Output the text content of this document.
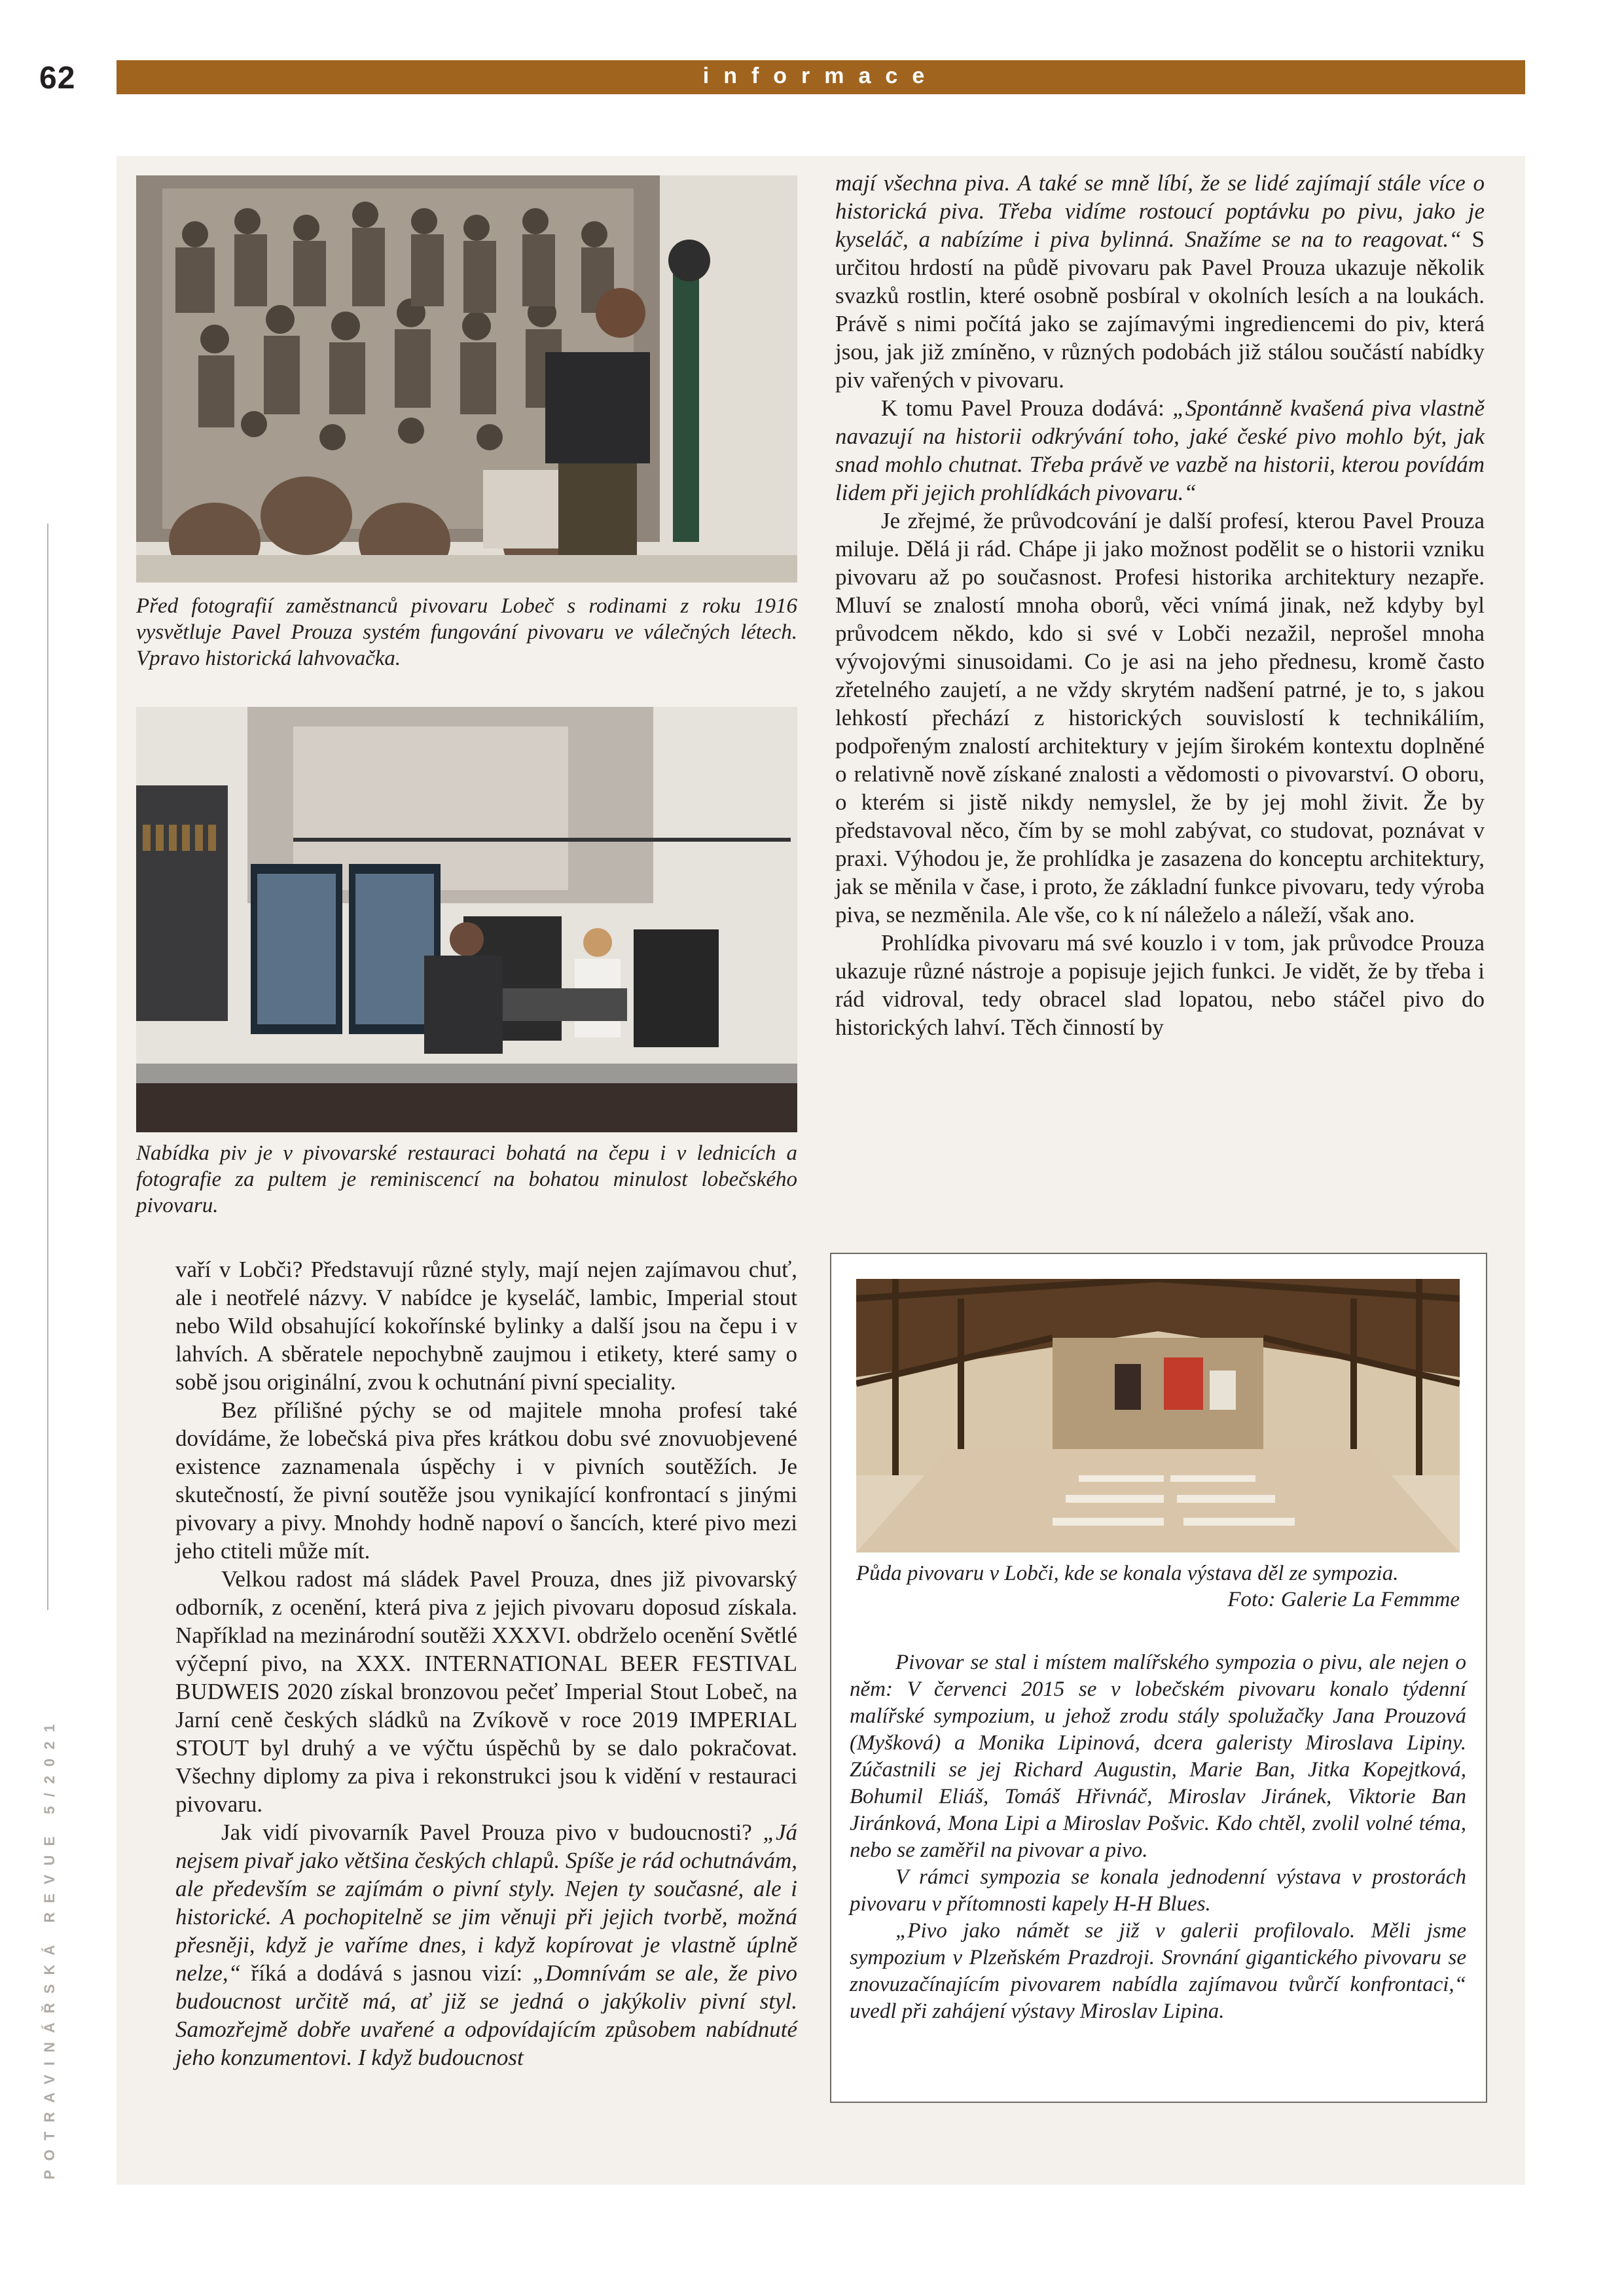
62	informace
POTRAVINÁŘSKÁ REVUE 5/2021
Před fotografií zaměstnanců pivovaru Lobeč s rodinami z roku 1916 vysvětluje Pavel Prouza systém fungování pivovaru ve válečných létech. Vpravo historická lahvovačka.
Nabídka piv je v pivovarské restauraci bohatá na čepu i v lednicích a fotografie za pultem je reminiscencí na bohatou minulost lobečského pivovaru.

vaří v Lobči? Představují různé styly, mají nejen zajímavou chuť, ale i neotřelé názvy. V nabídce je kyseláč, lambic, Imperial stout nebo Wild obsahující kokořínské bylinky a další jsou na čepu i v lahvích. A sběratele nepochybně zaujmou i etikety, které samy o sobě jsou originální, zvou k ochutnání pivní speciality.

Bez přílišné pýchy se od majitele mnoha profesí také dovídáme, že lobečská piva přes krátkou dobu své znovuobjevené existence zaznamenala úspěchy i v pivních soutěžích. Je skutečností, že pivní soutěže jsou vynikající konfrontací s jinými pivovary a pivy. Mnohdy hodně napoví o šancích, které pivo mezi jeho ctiteli může mít.

Velkou radost má sládek Pavel Prouza, dnes již pivovarský odborník, z ocenění, která piva z jejich pivovaru doposud získala. Například na mezinárodní soutěži XXXVI. obdrželo ocenění Světlé výčepní pivo, na XXX. INTERNATIONAL BEER FESTIVAL BUDWEIS 2020 získal bronzovou pečeť Imperial Stout Lobeč, na Jarní ceně českých sládků na Zvíkově v roce 2019 IMPERIAL STOUT byl druhý a ve výčtu úspěchů by se dalo pokračovat. Všechny diplomy za piva i rekonstrukci jsou k vidění v restauraci pivovaru.

Jak vidí pivovarník Pavel Prouza pivo v budoucnosti? „Já nejsem pivař jako většina českých chlapů. Spíše je rád ochutnávám, ale především se zajímám o pivní styly. Nejen ty současné, ale i historické. A pochopitelně se jim věnuji při jejich tvorbě, možná přesněji, když je vaříme dnes, i když kopírovat je vlastně úplně nelze,“ říká a dodává s jasnou vizí: „Domnívám se ale, že pivo budoucnost určitě má, ať již se jedná o jakýkoliv pivní styl. Samozřejmě dobře uvařené a odpovídajícím způsobem nabídnuté jeho konzumentovi. I když budoucnost

mají všechna piva. A také se mně líbí, že se lidé zajímají stále více o historická piva. Třeba vidíme rostoucí poptávku po pivu, jako je kyseláč, a nabízíme i piva bylinná. Snažíme se na to reagovat.“ S určitou hrdostí na půdě pivovaru pak Pavel Prouza ukazuje několik svazků rostlin, které osobně posbíral v okolních lesích a na loukách. Právě s nimi počítá jako se zajímavými ingrediencemi do piv, která jsou, jak již zmíněno, v různých podobách již stálou součástí nabídky piv vařených v pivovaru.

K tomu Pavel Prouza dodává: „Spontánně kvašená piva vlastně navazují na historii odkrývání toho, jaké české pivo mohlo být, jak snad mohlo chutnat. Třeba právě ve vazbě na historii, kterou povídám lidem při jejich prohlídkách pivovaru.“

Je zřejmé, že průvodcování je další profesí, kterou Pavel Prouza miluje. Dělá ji rád. Chápe ji jako možnost podělit se o historii vzniku pivovaru až po současnost. Profesi historika architektury nezapře. Mluví se znalostí mnoha oborů, věci vnímá jinak, než kdyby byl průvodcem někdo, kdo si své v Lobči nezažil, neprošel mnoha vývojovými sinusoidami. Co je asi na jeho přednesu, kromě často zřetelného zaujetí, a ne vždy skrytém nadšení patrné, je to, s jakou lehkostí přechází z historických souvislostí k technikáliím, podpořeným znalostí architektury v jejím širokém kontextu doplněné o relativně nově získané znalosti a vědomosti o pivovarství. O oboru, o kterém si jistě nikdy nemyslel, že by jej mohl živit. Že by představoval něco, čím by se mohl zabývat, co studovat, poznávat v praxi. Výhodou je, že prohlídka je zasazena do konceptu architektury, jak se měnila v čase, i proto, že základní funkce pivovaru, tedy výroba piva, se nezměnila. Ale vše, co k ní náleželo a náleží, však ano.

Prohlídka pivovaru má své kouzlo i v tom, jak průvodce Prouza ukazuje různé nástroje a popisuje jejich funkci. Je vidět, že by třeba i rád vidroval, tedy obracel slad lopatou, nebo stáčel pivo do historických lahví. Těch činností by

Půda pivovaru v Lobči, kde se konala výstava děl ze sympozia.
Foto: Galerie La Femmme

Pivovar se stal i místem malířského sympozia o pivu, ale nejen o něm: V červenci 2015 se v lobečském pivovaru konalo týdenní malířské sympozium, u jehož zrodu stály spolužačky Jana Prouzová (Myšková) a Monika Lipinová, dcera galeristy Miroslava Lipiny. Zúčastnili se jej Richard Augustin, Marie Ban, Jitka Kopejtková, Bohumil Eliáš, Tomáš Hřivnáč, Miroslav Jiránek, Viktorie Ban Jiránková, Mona Lipi a Miroslav Pošvic. Kdo chtěl, zvolil volné téma, nebo se zaměřil na pivovar a pivo.

V rámci sympozia se konala jednodenní výstava v prostorách pivovaru v přítomnosti kapely H-H Blues.

„Pivo jako námět se již v galerii profilovalo. Měli jsme sympozium v Plzeňském Prazdroji. Srovnání gigantického pivovaru se znovuzačínajícím pivovarem nabídla zajímavou tvůrčí konfrontaci,“ uvedl při zahájení výstavy Miroslav Lipina.
